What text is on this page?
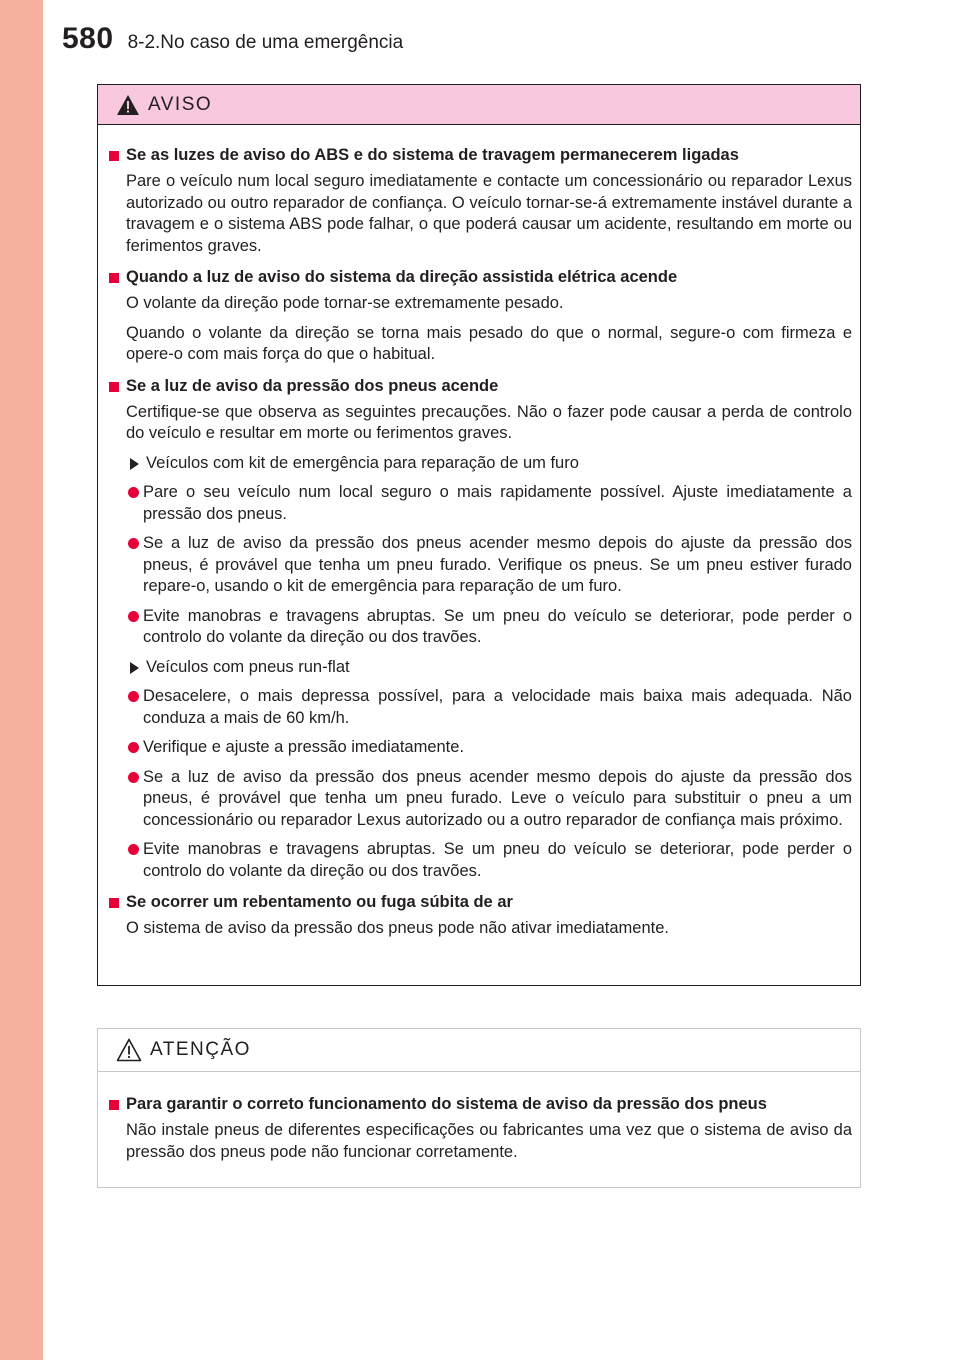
580 8-2.No caso de uma emergência
AVISO
Se as luzes de aviso do ABS e do sistema de travagem permanecerem ligadas

Pare o veículo num local seguro imediatamente e contacte um concessionário ou reparador Lexus autorizado ou outro reparador de confiança. O veículo tornar-se-á extremamente instável durante a travagem e o sistema ABS pode falhar, o que poderá causar um acidente, resultando em morte ou ferimentos graves.

Quando a luz de aviso do sistema da direção assistida elétrica acende

O volante da direção pode tornar-se extremamente pesado.

Quando o volante da direção se torna mais pesado do que o normal, segure-o com firmeza e opere-o com mais força do que o habitual.

Se a luz de aviso da pressão dos pneus acende

Certifique-se que observa as seguintes precauções. Não o fazer pode causar a perda de controlo do veículo e resultar em morte ou ferimentos graves.

Veículos com kit de emergência para reparação de um furo
Pare o seu veículo num local seguro o mais rapidamente possível. Ajuste imediatamente a pressão dos pneus.
Se a luz de aviso da pressão dos pneus acender mesmo depois do ajuste da pressão dos pneus, é provável que tenha um pneu furado. Verifique os pneus. Se um pneu estiver furado repare-o, usando o kit de emergência para reparação de um furo.
Evite manobras e travagens abruptas. Se um pneu do veículo se deteriorar, pode perder o controlo do volante da direção ou dos travões.
Veículos com pneus run-flat
Desacelere, o mais depressa possível, para a velocidade mais baixa mais adequada. Não conduza a mais de 60 km/h.
Verifique e ajuste a pressão imediatamente.
Se a luz de aviso da pressão dos pneus acender mesmo depois do ajuste da pressão dos pneus, é provável que tenha um pneu furado. Leve o veículo para substituir o pneu a um concessionário ou reparador Lexus autorizado ou a outro reparador de confiança mais próximo.
Evite manobras e travagens abruptas. Se um pneu do veículo se deteriorar, pode perder o controlo do volante da direção ou dos travões.
Se ocorrer um rebentamento ou fuga súbita de ar

O sistema de aviso da pressão dos pneus pode não ativar imediatamente.

ATENÇÃO
Para garantir o correto funcionamento do sistema de aviso da pressão dos pneus

Não instale pneus de diferentes especificações ou fabricantes uma vez que o sistema de aviso da pressão dos pneus pode não funcionar corretamente.
